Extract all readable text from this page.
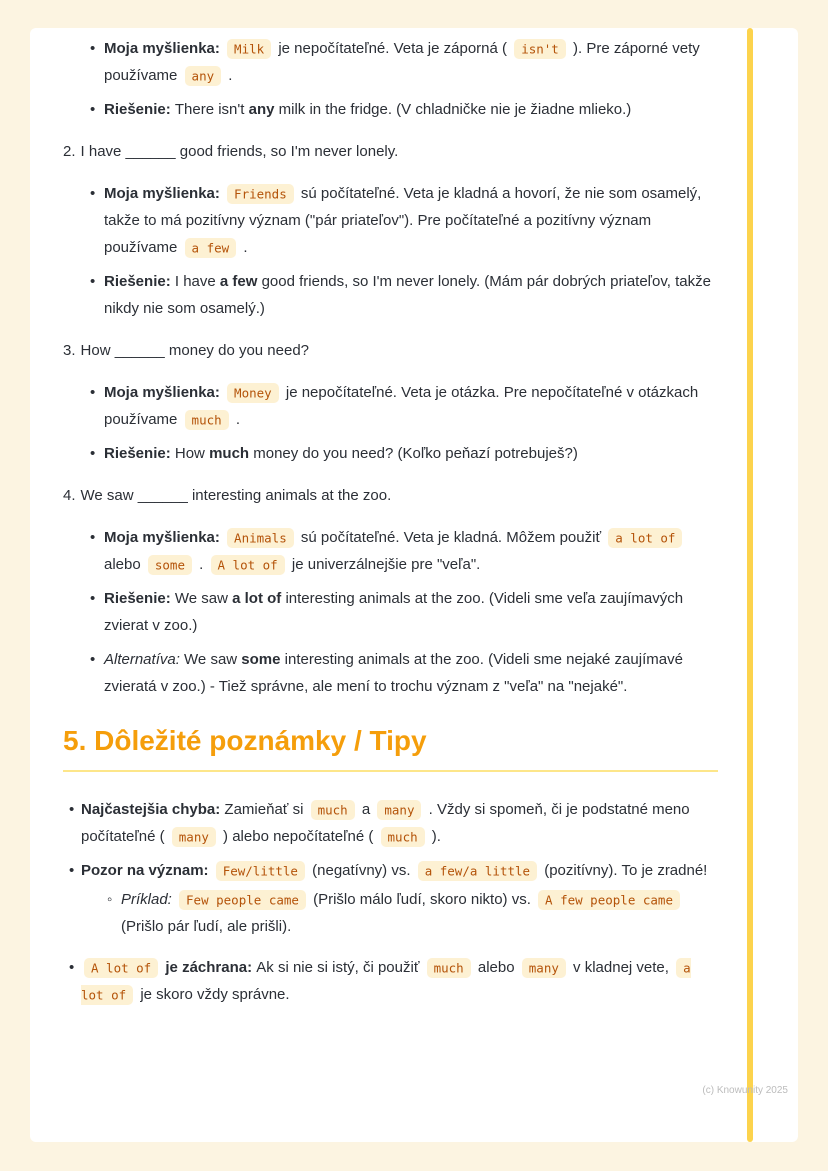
• Moja myšlienka: Milk je nepočítateľné. Veta je záporná ( isn't ). Pre záporné vety používame any .
• Riešenie: There isn't any milk in the fridge. (V chladničke nie je žiadne mlieko.)

2. I have ______ good friends, so I'm never lonely.

• Moja myšlienka: Friends sú počítateľné. Veta je kladná a hovorí, že nie som osamelý, takže to má pozitívny význam ("pár priateľov"). Pre počítateľné a pozitívny význam používame a few .
• Riešenie: I have a few good friends, so I'm never lonely. (Mám pár dobrých priateľov, takže nikdy nie som osamelý.)

3. How ______ money do you need?

• Moja myšlienka: Money je nepočítateľné. Veta je otázka. Pre nepočítateľné v otázkach používame much .
• Riešenie: How much money do you need? (Koľko peňazí potrebuješ?)

4. We saw ______ interesting animals at the zoo.

• Moja myšlienka: Animals sú počítateľné. Veta je kladná. Môžem použiť a lot of alebo some . A lot of je univerzálnejšie pre "veľa".
• Riešenie: We saw a lot of interesting animals at the zoo. (Videli sme veľa zaujímavých zvierat v zoo.)
• Alternatíva: We saw some interesting animals at the zoo. (Videli sme nejaké zaujímavé zvieratá v zoo.) - Tiež správne, ale mení to trochu význam z "veľa" na "nejaké".
5. Dôležité poznámky / Tipy
• Najčastejšia chyba: Zamieňať si much a many . Vždy si spomeň, či je podstatné meno počítateľné ( many ) alebo nepočítateľné ( much ).
• Pozor na význam: Few/little (negatívny) vs. a few/a little (pozitívny). To je zradné!
◦ Príklad: Few people came (Prišlo málo ľudí, skoro nikto) vs. A few people came (Prišlo pár ľudí, ale prišli).
• A lot of je záchrana: Ak si nie si istý, či použiť much alebo many v kladnej vete, a lot of je skoro vždy správne.
(c) Knowunity 2025
